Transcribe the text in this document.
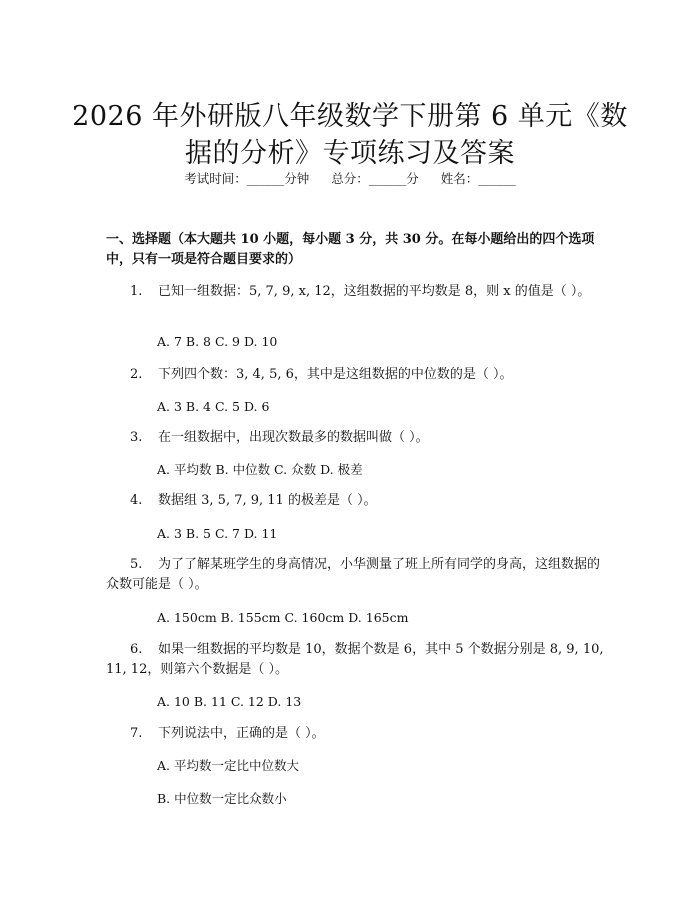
2026 年外研版八年级数学下册第 6 单元《数
据的分析》专项练习及答案
考试时间：______分钟 总分：______分 姓名：______
一、选择题（本大题共 10 小题，每小题 3 分，共 30 分。在每小题给出的四个选项中，只有一项是符合题目要求的）
1. 已知一组数据：5, 7, 9, x, 12，这组数据的平均数是 8，则 x 的值是（ ）。
A. 7 B. 8 C. 9 D. 10
2. 下列四个数：3, 4, 5, 6，其中是这组数据的中位数的是（ ）。
A. 3 B. 4 C. 5 D. 6
3. 在一组数据中，出现次数最多的数据叫做（ ）。
A. 平均数 B. 中位数 C. 众数 D. 极差
4. 数据组 3, 5, 7, 9, 11 的极差是（ ）。
A. 3 B. 5 C. 7 D. 11
5. 为了了解某班学生的身高情况，小华测量了班上所有同学的身高，这组数据的众数可能是（ ）。
A. 150cm B. 155cm C. 160cm D. 165cm
6. 如果一组数据的平均数是 10，数据个数是 6，其中 5 个数据分别是 8, 9, 10, 11, 12，则第六个数据是（ ）。
A. 10 B. 11 C. 12 D. 13
7. 下列说法中，正确的是（ ）。
A. 平均数一定比中位数大
B. 中位数一定比众数小
